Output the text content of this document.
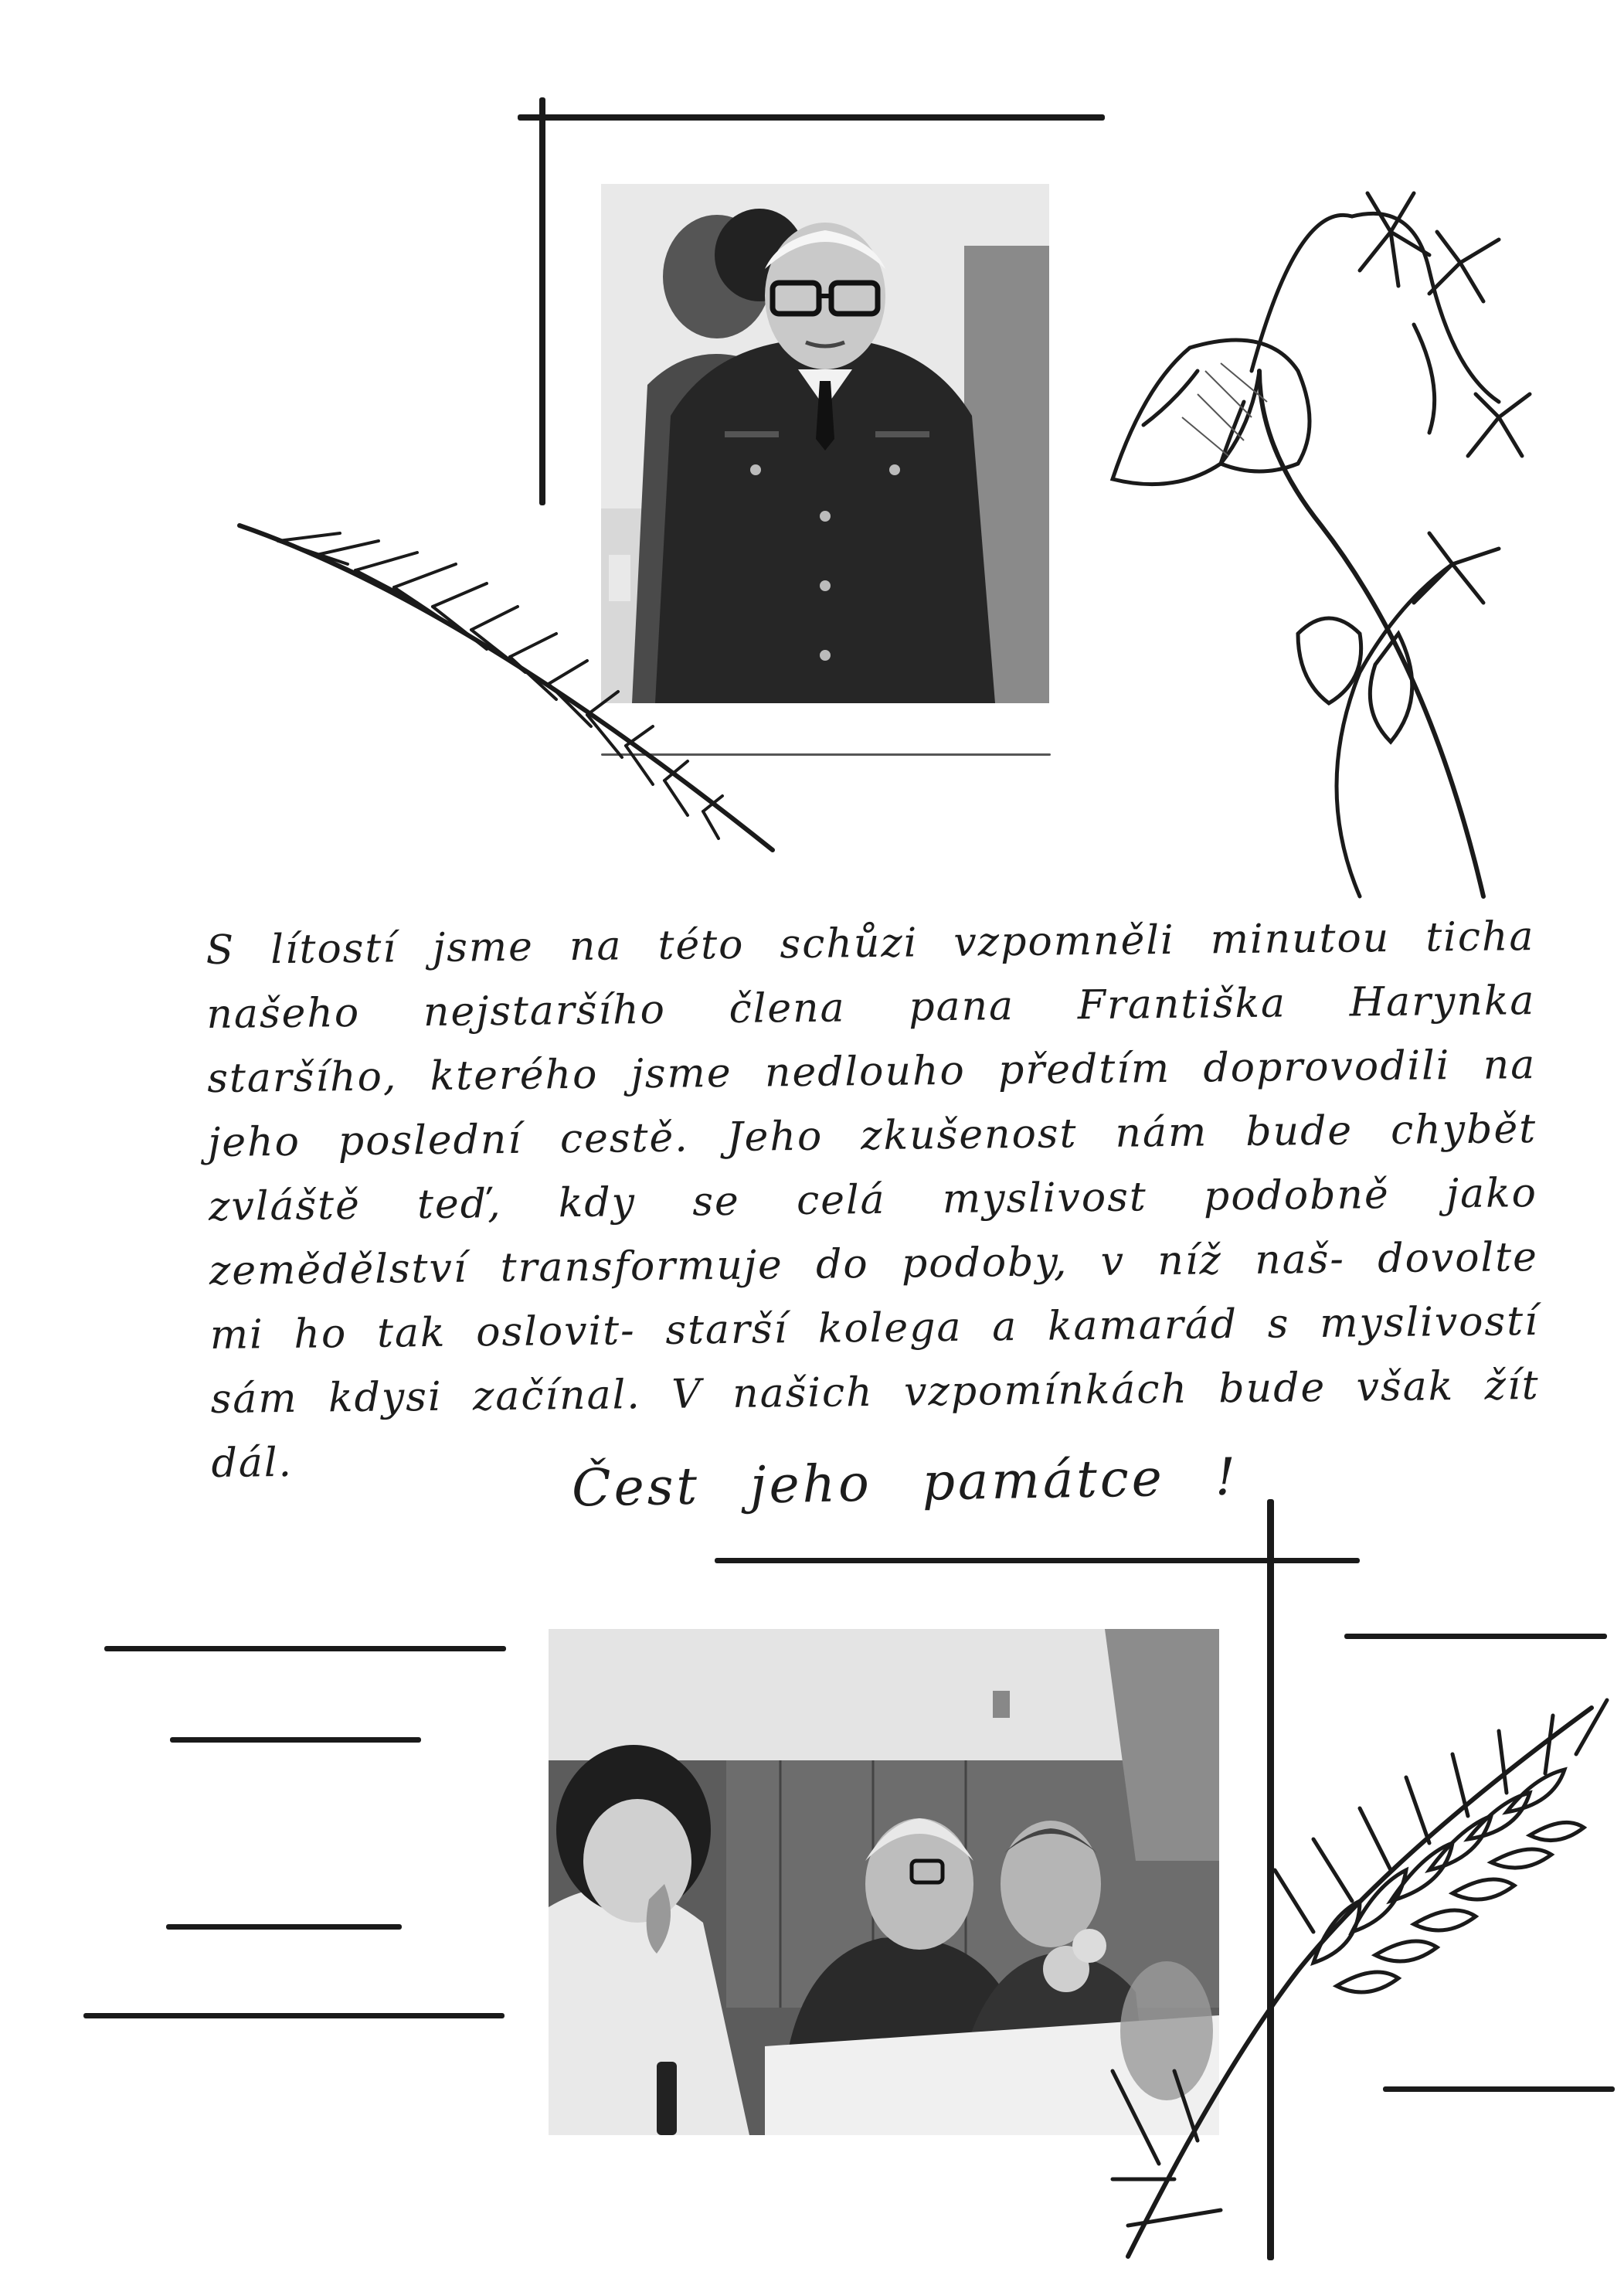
S lítostí jsme na této schůzi vzpomněli minutou ticha našeho nejstaršího člena pana Františka Harynka staršího, kterého jsme nedlouho předtím doprovodili na jeho poslední cestě. Jeho zkušenost nám bude chybět zvláště teď, kdy se celá myslivost podobně jako zemědělství transformuje do podoby, v níž naš- dovolte mi ho tak oslovit- starší kolega a kamarád s myslivostí sám kdysi začínal. V našich vzpomínkách bude však žít dál.	Čest jeho památce !
